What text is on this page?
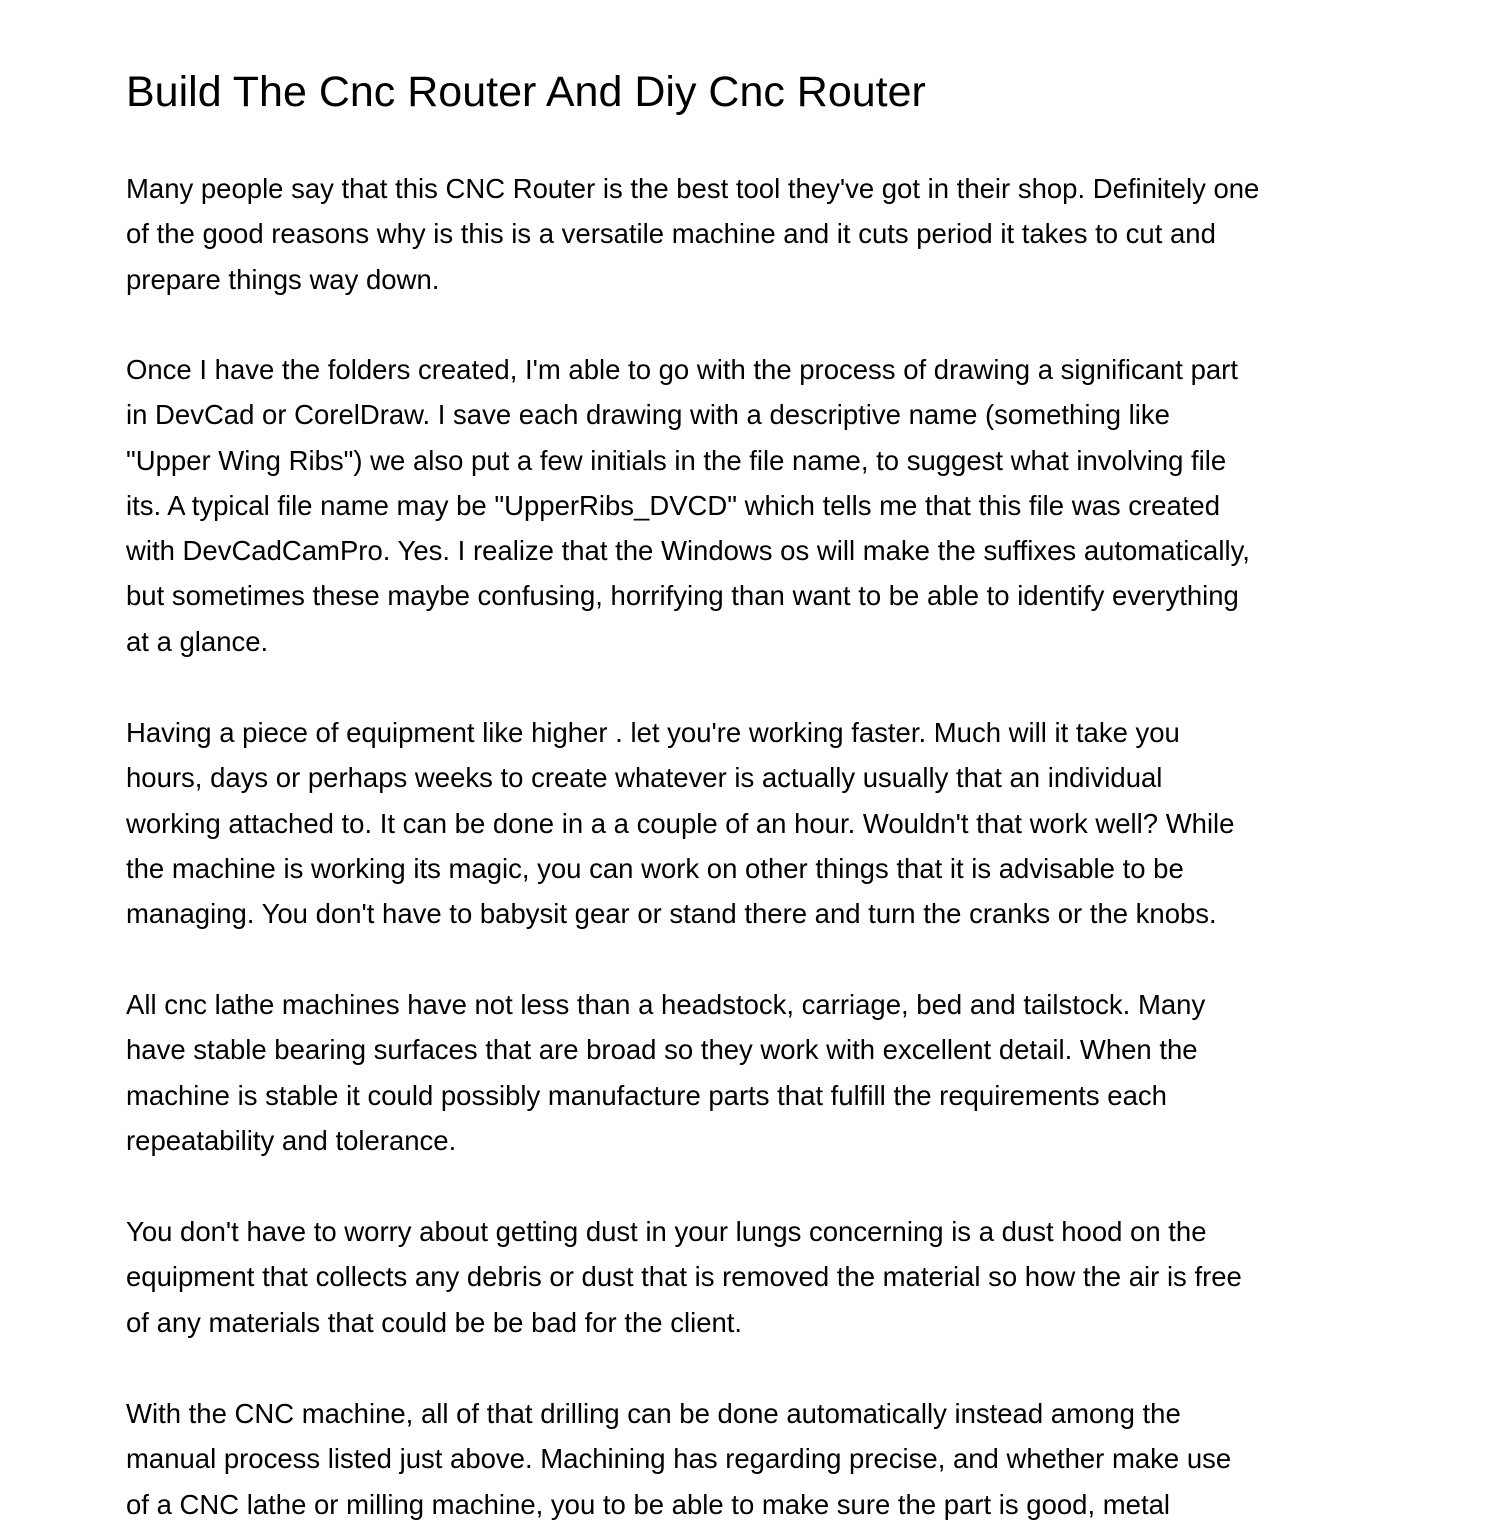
Build The Cnc Router And Diy Cnc Router

Many people say that this CNC Router is the best tool they've got in their shop. Definitely one
of the good reasons why is this is a versatile machine and it cuts period it takes to cut and
prepare things way down.

Once I have the folders created, I'm able to go with the process of drawing a significant part
in DevCad or CorelDraw. I save each drawing with a descriptive name (something like
"Upper Wing Ribs") we also put a few initials in the file name, to suggest what involving file
its. A typical file name may be "UpperRibs_DVCD" which tells me that this file was created
with DevCadCamPro. Yes. I realize that the Windows os will make the suffixes automatically,
but sometimes these maybe confusing, horrifying than want to be able to identify everything
at a glance.

Having a piece of equipment like higher . let you're working faster. Much will it take you
hours, days or perhaps weeks to create whatever is actually usually that an individual
working attached to. It can be done in a a couple of an hour. Wouldn't that work well? While
the machine is working its magic, you can work on other things that it is advisable to be
managing. You don't have to babysit gear or stand there and turn the cranks or the knobs.

All cnc lathe machines have not less than a headstock, carriage, bed and tailstock. Many
have stable bearing surfaces that are broad so they work with excellent detail. When the
machine is stable it could possibly manufacture parts that fulfill the requirements each
repeatability and tolerance.

You don't have to worry about getting dust in your lungs concerning is a dust hood on the
equipment that collects any debris or dust that is removed the material so how the air is free
of any materials that could be be bad for the client.

With the CNC machine, all of that drilling can be done automatically instead among the
manual process listed just above. Machining has regarding precise, and whether make use
of a CNC lathe or milling machine, you to be able to make sure the part is good, metal
